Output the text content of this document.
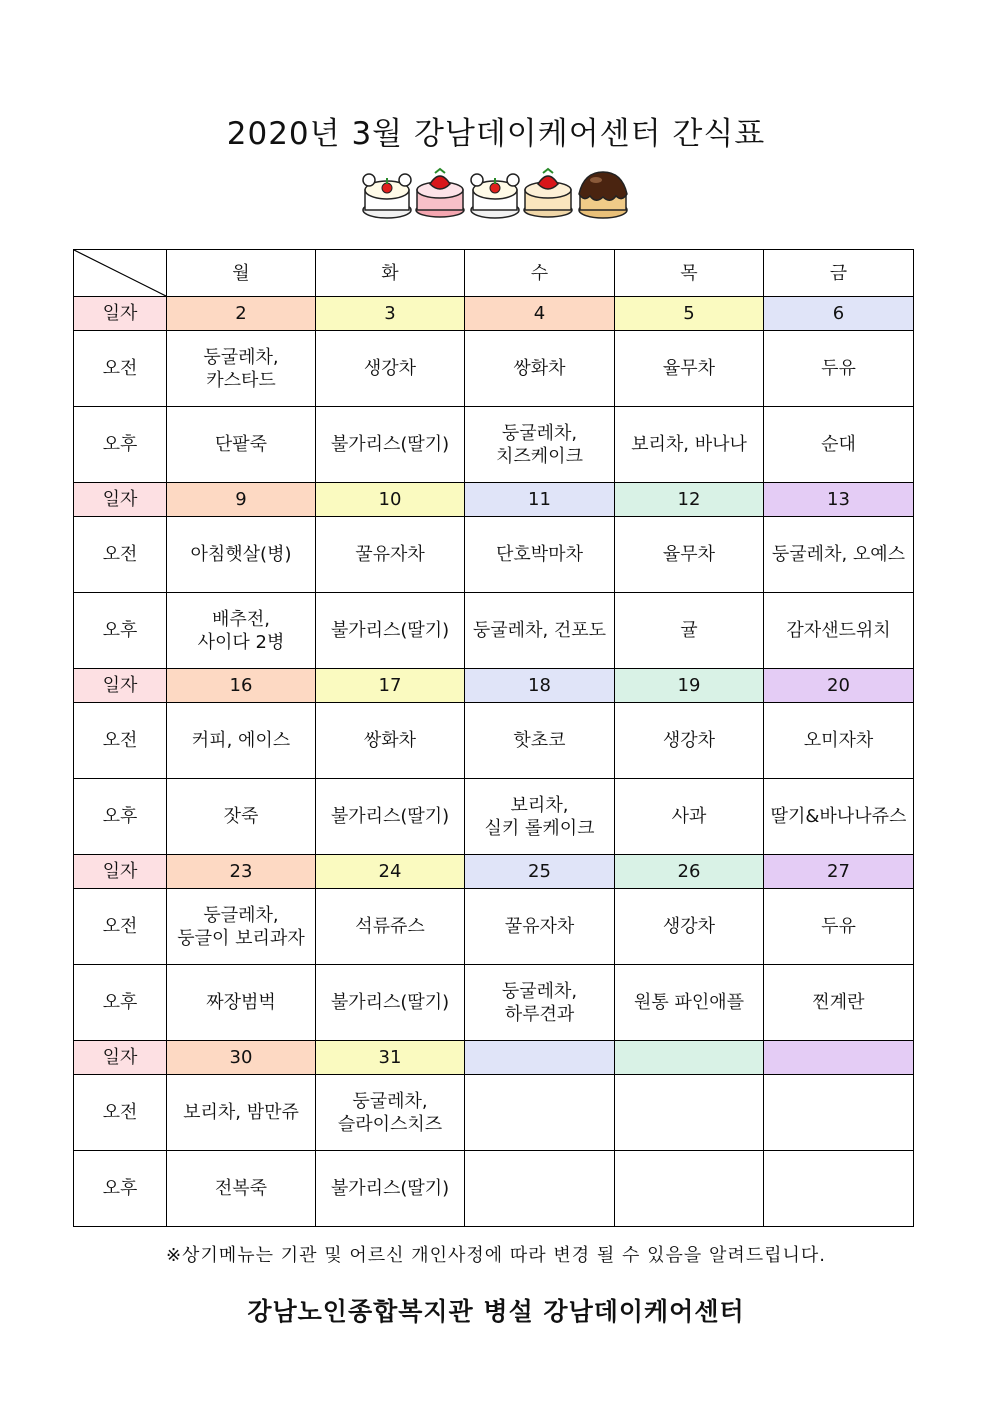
2020년 3월 강남데이케어센터 간식표

	월	화	수	목	금
일자	2	3	4	5	6
오전	둥굴레차,
카스타드	생강차	쌍화차	율무차	두유
오후	단팥죽	불가리스(딸기)	둥굴레차,
치즈케이크	보리차, 바나나	순대
일자	9	10	11	12	13
오전	아침햇살(병)	꿀유자차	단호박마차	율무차	둥굴레차, 오예스
오후	배추전,
사이다 2병	불가리스(딸기)	둥굴레차, 건포도	귤	감자샌드위치
일자	16	17	18	19	20
오전	커피, 에이스	쌍화차	핫초코	생강차	오미자차
오후	잣죽	불가리스(딸기)	보리차,
실키 롤케이크	사과	딸기&바나나쥬스
일자	23	24	25	26	27
오전	둥글레차,
둥글이 보리과자	석류쥬스	꿀유자차	생강차	두유
오후	짜장범벅	불가리스(딸기)	둥굴레차,
하루견과	원통 파인애플	찐계란
일자	30	31			
오전	보리차, 밤만쥬	둥굴레차,
슬라이스치즈			
오후	전복죽	불가리스(딸기)			
※상기메뉴는 기관 및 어르신 개인사정에 따라 변경 될 수 있음을 알려드립니다.
강남노인종합복지관 병설 강남데이케어센터
